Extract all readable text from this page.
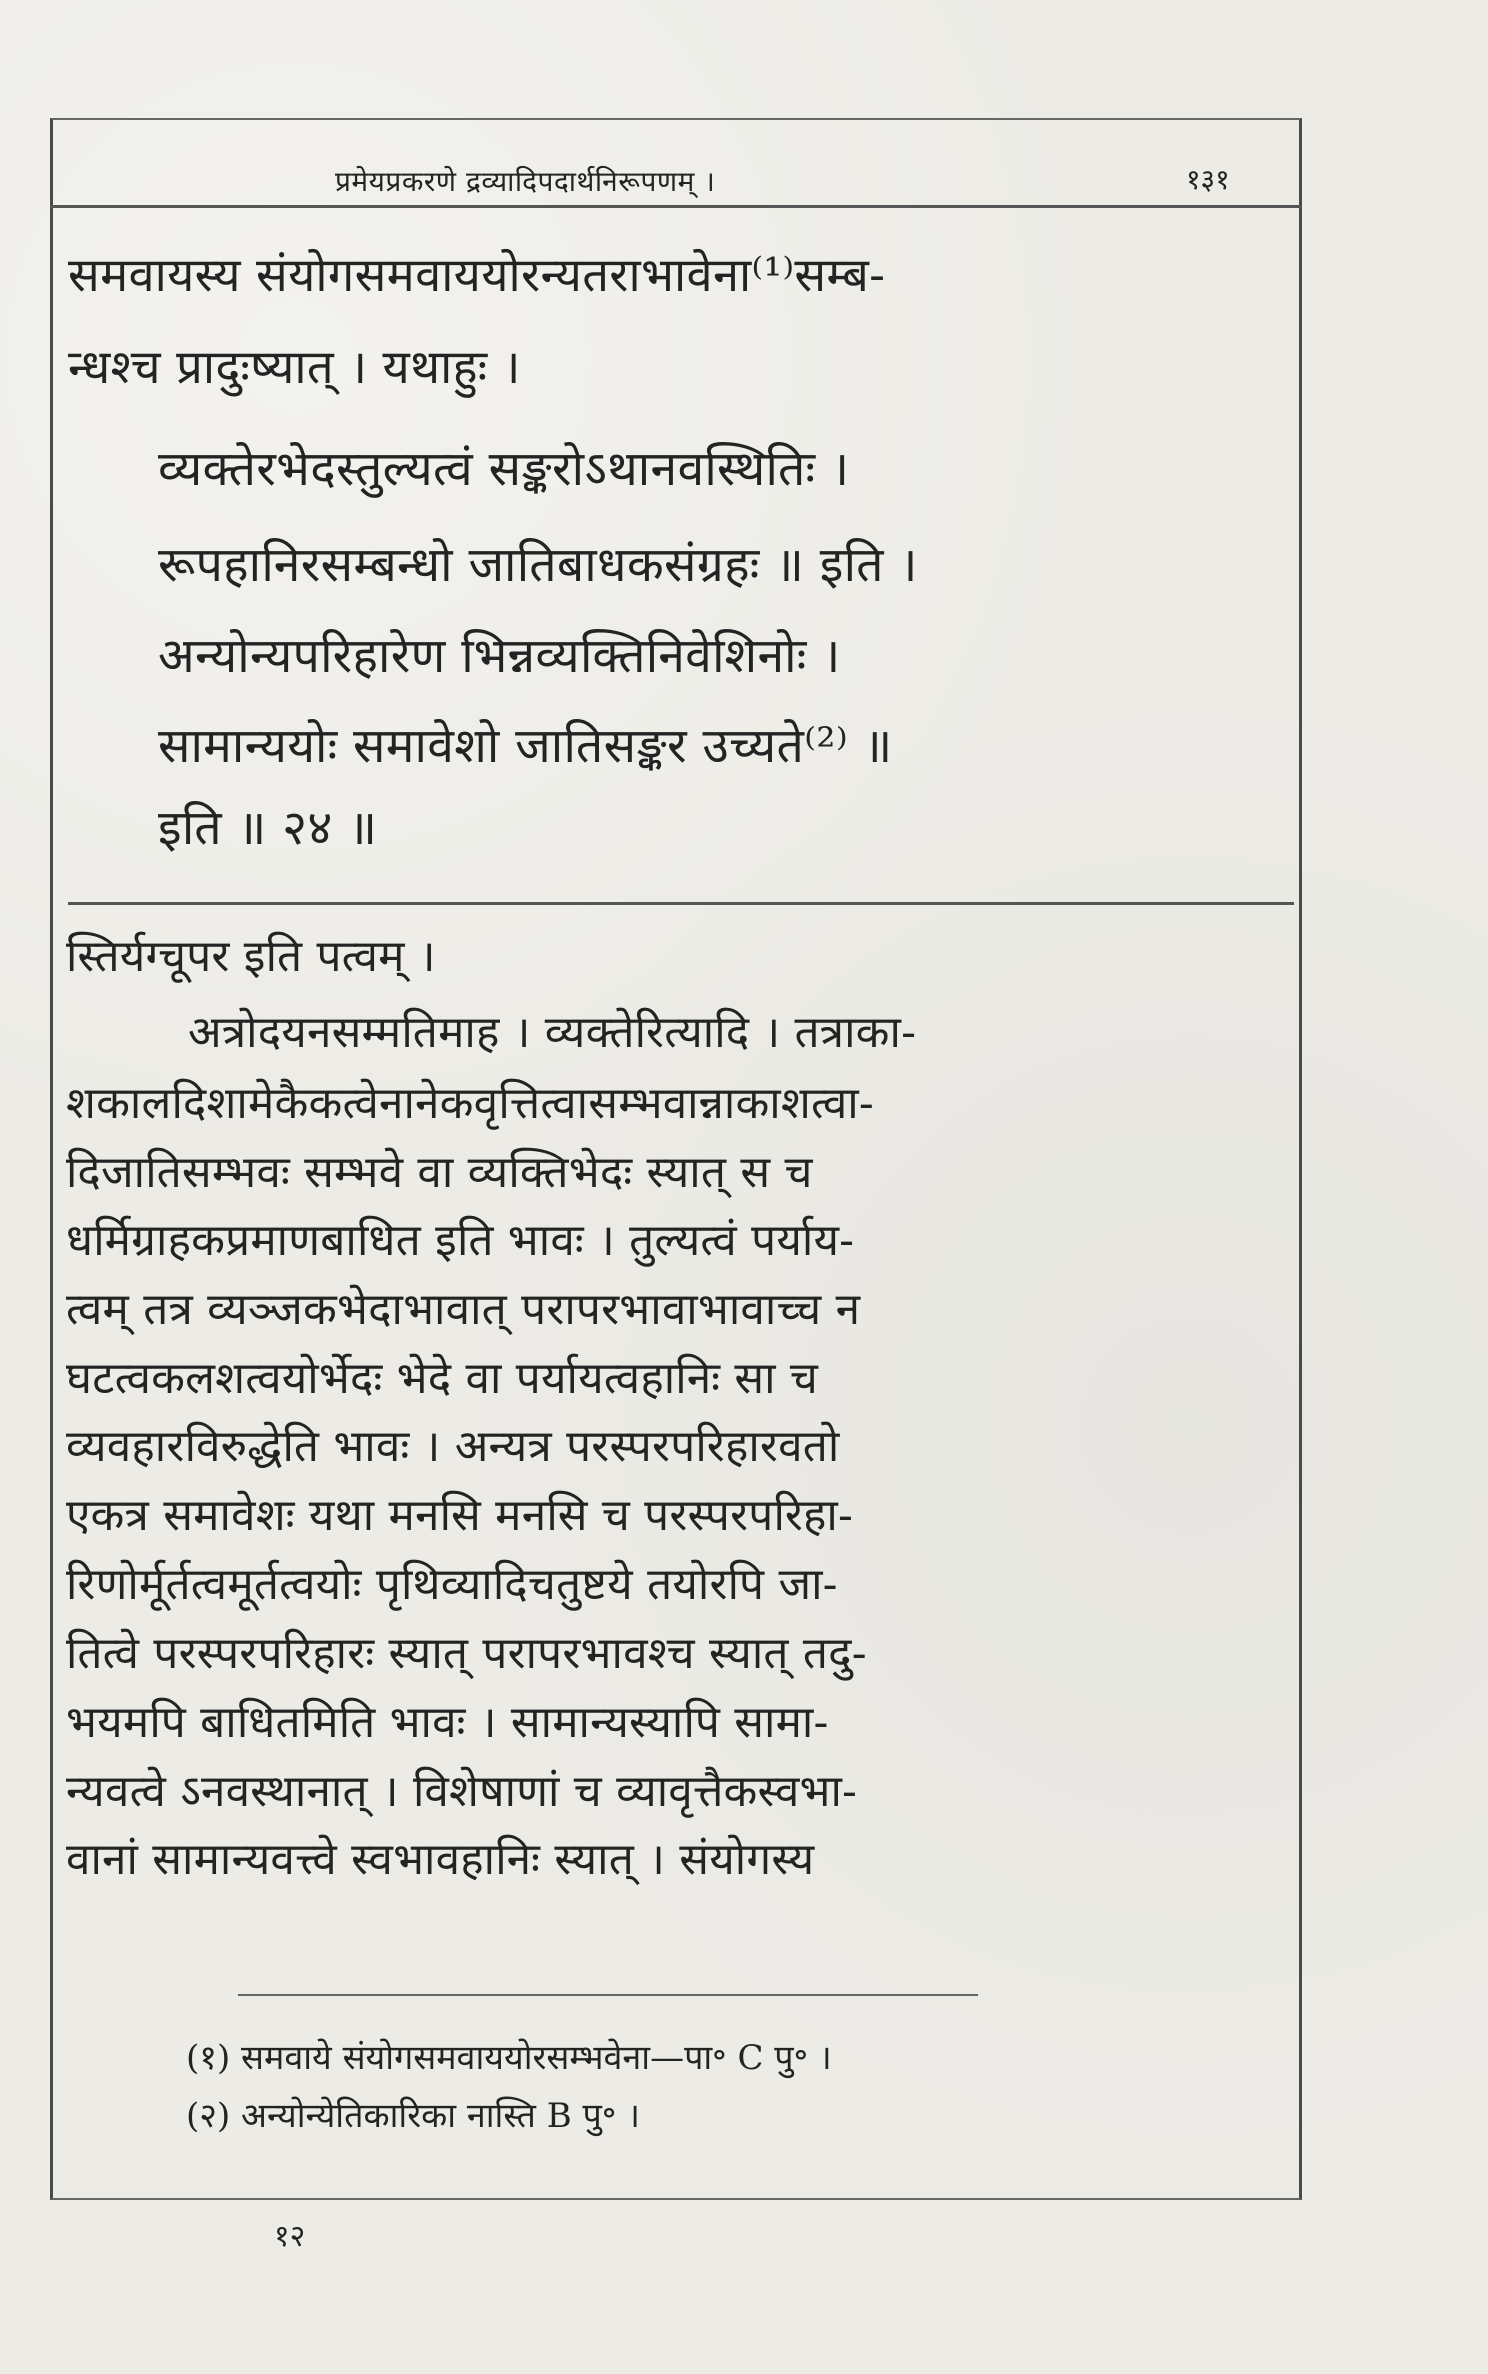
प्रमेयप्रकरणे द्रव्यादिपदार्थनिरूपणम् ।	१३१
समवायस्य संयोगसमवाययोरन्यतराभावेना⁽¹⁾सम्ब-
न्धश्च प्रादुःष्यात् । यथाहुः ।
व्यक्तेरभेदस्तुल्यत्वं सङ्करोऽथानवस्थितिः ।
रूपहानिरसम्बन्धो जातिबाधकसंग्रहः ॥ इति ।
अन्योन्यपरिहारेण भिन्नव्यक्तिनिवेशिनोः ।
सामान्ययोः समावेशो जातिसङ्कर उच्यते⁽²⁾ ॥
इति ॥ २४ ॥
स्तिर्यग्चूपर इति पत्वम् ।
अत्रोदयनसम्मतिमाह । व्यक्तेरित्यादि । तत्राका-
शकालदिशामेकैकत्वेनानेकवृत्तित्वासम्भवान्नाकाशत्वा-
दिजातिसम्भवः सम्भवे वा व्यक्तिभेदः स्यात् स च
धर्मिग्राहकप्रमाणबाधित इति भावः । तुल्यत्वं पर्याय-
त्वम् तत्र व्यञ्जकभेदाभावात् परापरभावाभावाच्च न
घटत्वकलशत्वयोर्भेदः भेदे वा पर्यायत्वहानिः सा च
व्यवहारविरुद्धेति भावः । अन्यत्र परस्परपरिहारवतो
एकत्र समावेशः यथा मनसि मनसि च परस्परपरिहा-
रिणोर्मूर्तत्वमूर्तत्वयोः पृथिव्यादिचतुष्टये तयोरपि जा-
तित्वे परस्परपरिहारः स्यात् परापरभावश्च स्यात् तदु-
भयमपि बाधितमिति भावः । सामान्यस्यापि सामा-
न्यवत्वे ऽनवस्थानात् । विशेषाणां च व्यावृत्तैकस्वभा-
वानां सामान्यवत्त्वे स्वभावहानिः स्यात् । संयोगस्य
(१) समवाये संयोगसमवाययोरसम्भवेना—पा॰ C पु॰ ।
(२) अन्योन्येतिकारिका नास्ति B पु॰ ।
१२
